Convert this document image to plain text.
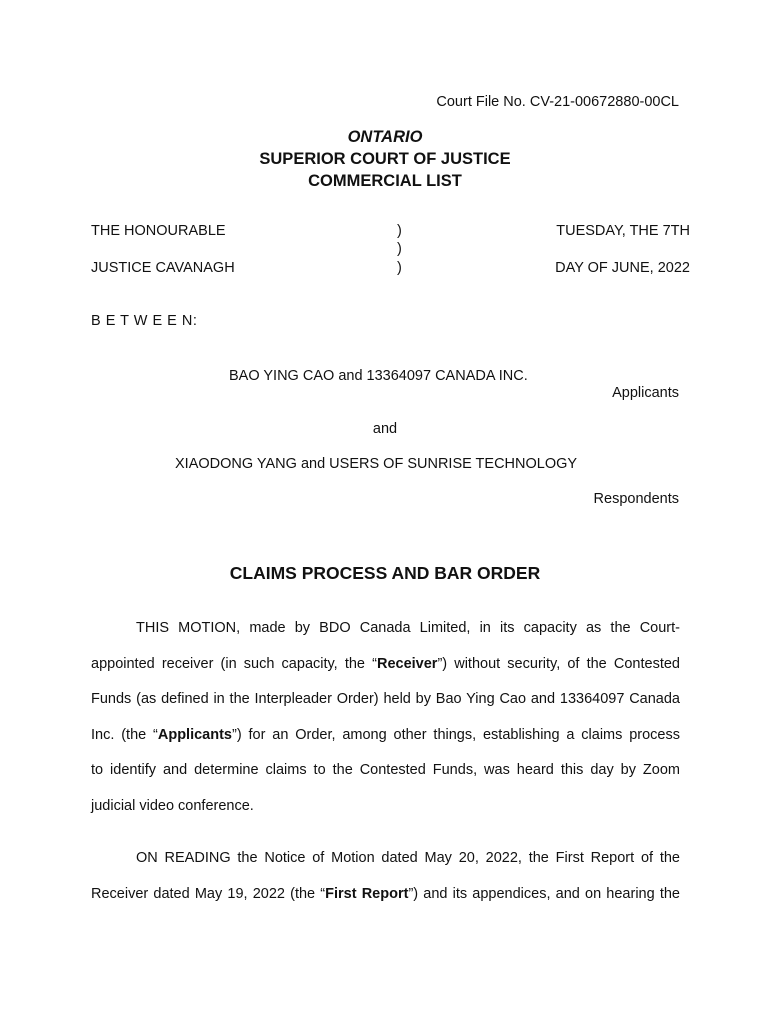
Court File No. CV-21-00672880-00CL
ONTARIO
SUPERIOR COURT OF JUSTICE
COMMERCIAL LIST
THE HONOURABLE
JUSTICE CAVANAGH
)
)
)
TUESDAY, THE 7TH
DAY OF JUNE, 2022
B E T W E E N:
BAO YING CAO and 13364097 CANADA INC.
Applicants
and
XIAODONG YANG and USERS OF SUNRISE TECHNOLOGY
Respondents
CLAIMS PROCESS AND BAR ORDER
THIS MOTION, made by BDO Canada Limited, in its capacity as the Court-
appointed receiver (in such capacity, the “Receiver”) without security, of the Contested
Funds (as defined in the Interpleader Order) held by Bao Ying Cao and 13364097 Canada
Inc. (the “Applicants”) for an Order, among other things, establishing a claims process
to identify and determine claims to the Contested Funds, was heard this day by Zoom
judicial video conference.
ON READING the Notice of Motion dated May 20, 2022, the First Report of the
Receiver dated May 19, 2022 (the “First Report”) and its appendices, and on hearing the
